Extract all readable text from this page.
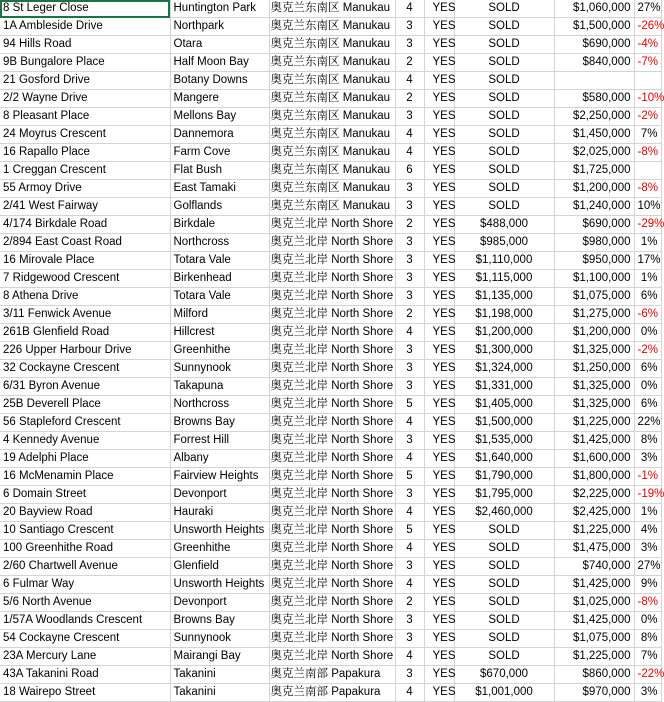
8 St Leger Close	Huntington Park	奥克兰东南区 Manukau	4	YES	SOLD		$1,060,000	27%
1A Ambleside Drive	Northpark	奥克兰东南区 Manukau	3	YES	SOLD		$1,500,000	-26%
94 Hills Road	Otara	奥克兰东南区 Manukau	3	YES	SOLD		$690,000	-4%
9B Bungalore Place	Half Moon Bay	奥克兰东南区 Manukau	2	YES	SOLD		$840,000	-7%
21 Gosford Drive	Botany Downs	奥克兰东南区 Manukau	4	YES	SOLD			
2/2 Wayne Drive	Mangere	奥克兰东南区 Manukau	2	YES	SOLD		$580,000	-10%
8 Pleasant Place	Mellons Bay	奥克兰东南区 Manukau	3	YES	SOLD		$2,250,000	-2%
24 Moyrus Crescent	Dannemora	奥克兰东南区 Manukau	4	YES	SOLD		$1,450,000	7%
16 Rapallo Place	Farm Cove	奥克兰东南区 Manukau	4	YES	SOLD		$2,025,000	-8%
1 Creggan Crescent	Flat Bush	奥克兰东南区 Manukau	6	YES	SOLD		$1,725,000	
55 Armoy Drive	East Tamaki	奥克兰东南区 Manukau	3	YES	SOLD		$1,200,000	-8%
2/41 West Fairway	Golflands	奥克兰东南区 Manukau	3	YES	SOLD		$1,240,000	10%
4/174 Birkdale Road	Birkdale	奥克兰北岸 North Shore	2	YES	$488,000		$690,000	-29%
2/894 East Coast Road	Northcross	奥克兰北岸 North Shore	3	YES	$985,000		$980,000	1%
16 Mirovale Place	Totara Vale	奥克兰北岸 North Shore	3	YES	$1,110,000		$950,000	17%
7 Ridgewood Crescent	Birkenhead	奥克兰北岸 North Shore	3	YES	$1,115,000		$1,100,000	1%
8 Athena Drive	Totara Vale	奥克兰北岸 North Shore	3	YES	$1,135,000		$1,075,000	6%
3/11 Fenwick Avenue	Milford	奥克兰北岸 North Shore	2	YES	$1,198,000		$1,275,000	-6%
261B Glenfield Road	Hillcrest	奥克兰北岸 North Shore	4	YES	$1,200,000		$1,200,000	0%
226 Upper Harbour Drive	Greenhithe	奥克兰北岸 North Shore	3	YES	$1,300,000		$1,325,000	-2%
32 Cockayne Crescent	Sunnynook	奥克兰北岸 North Shore	3	YES	$1,324,000		$1,250,000	6%
6/31 Byron Avenue	Takapuna	奥克兰北岸 North Shore	3	YES	$1,331,000		$1,325,000	0%
25B Deverell Place	Northcross	奥克兰北岸 North Shore	5	YES	$1,405,000		$1,325,000	6%
56 Stapleford Crescent	Browns Bay	奥克兰北岸 North Shore	4	YES	$1,500,000		$1,225,000	22%
4 Kennedy Avenue	Forrest Hill	奥克兰北岸 North Shore	3	YES	$1,535,000		$1,425,000	8%
19 Adelphi Place	Albany	奥克兰北岸 North Shore	4	YES	$1,640,000		$1,600,000	3%
16 McMenamin Place	Fairview Heights	奥克兰北岸 North Shore	5	YES	$1,790,000		$1,800,000	-1%
6 Domain Street	Devonport	奥克兰北岸 North Shore	3	YES	$1,795,000		$2,225,000	-19%
20 Bayview Road	Hauraki	奥克兰北岸 North Shore	4	YES	$2,460,000		$2,425,000	1%
10 Santiago Crescent	Unsworth Heights	奥克兰北岸 North Shore	5	YES	SOLD		$1,225,000	4%
100 Greenhithe Road	Greenhithe	奥克兰北岸 North Shore	4	YES	SOLD		$1,475,000	3%
2/60 Chartwell Avenue	Glenfield	奥克兰北岸 North Shore	3	YES	SOLD		$740,000	27%
6 Fulmar Way	Unsworth Heights	奥克兰北岸 North Shore	4	YES	SOLD		$1,425,000	9%
5/6 North Avenue	Devonport	奥克兰北岸 North Shore	2	YES	SOLD		$1,025,000	-8%
1/57A Woodlands Crescent	Browns Bay	奥克兰北岸 North Shore	3	YES	SOLD		$1,425,000	0%
54 Cockayne Crescent	Sunnynook	奥克兰北岸 North Shore	3	YES	SOLD		$1,075,000	8%
23A Mercury Lane	Mairangi Bay	奥克兰北岸 North Shore	4	YES	SOLD		$1,225,000	7%
43A Takanini Road	Takanini	奥克兰南部 Papakura	3	YES	$670,000		$860,000	-22%
18 Wairepo Street	Takanini	奥克兰南部 Papakura	4	YES	$1,001,000		$970,000	3%
